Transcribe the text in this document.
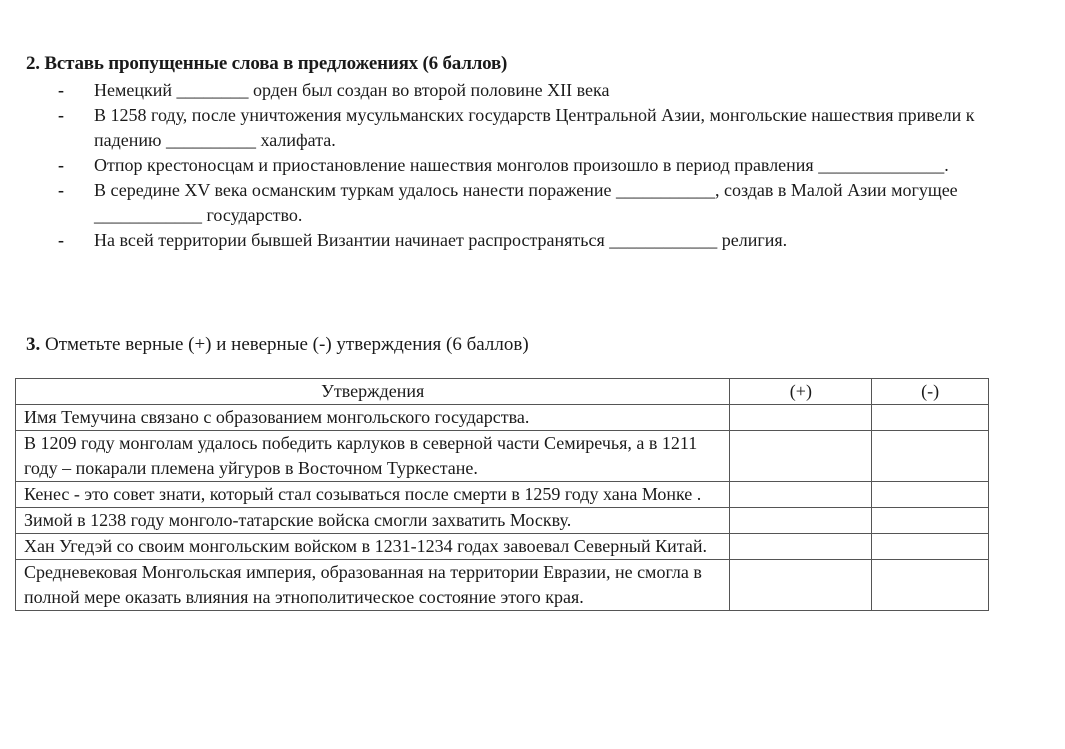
2. Вставь пропущенные слова в предложениях (6 баллов)
- Немецкий ________ орден был создан во второй половине XII века
- В 1258 году, после уничтожения мусульманских государств Центральной Азии, монгольские нашествия привели к падению __________ халифата.
- Отпор крестоносцам и приостановление нашествия монголов произошло в период правления ______________.
- В середине XV века османским туркам удалось нанести поражение ___________, создав в Малой Азии могущее ____________ государство.
- На всей территории бывшей Византии начинает распространяться ____________ религия.
3. Отметьте верные (+) и неверные (-) утверждения (6 баллов)
Утверждения	(+)	(-)
Имя Темучина связано с образованием монгольского государства.		
В 1209 году монголам удалось победить карлуков в северной части Семиречья, а в 1211 году – покарали племена уйгуров в Восточном Туркестане.		
Кенес - это совет знати, который стал созываться после смерти в 1259 году хана Монке .		
Зимой в 1238 году монголо-татарские войска смогли захватить Москву.		
Хан Угедэй со своим монгольским войском в 1231-1234 годах завоевал Северный Китай.		
Средневековая Монгольская империя, образованная на территории Евразии, не смогла в полной мере оказать влияния на этнополитическое состояние этого края.		
